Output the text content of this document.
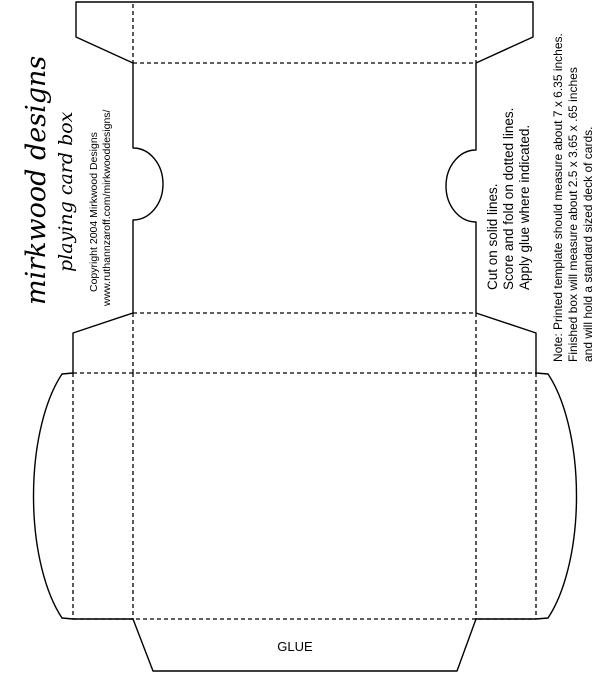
mirkwood designs playing card box Copyright 2004 Mirkwood Designs www.ruthannzaroff.com/mirkwooddesigns/	Cut on solid lines. Score and fold on dotted lines. Apply glue where indicated. Note: Printed template should measure about 7 x 6.35 inches. Finished box will measure about 2.5 x 3.65 x .65 inches and will hold a standard sized deck of cards.
GLUE
